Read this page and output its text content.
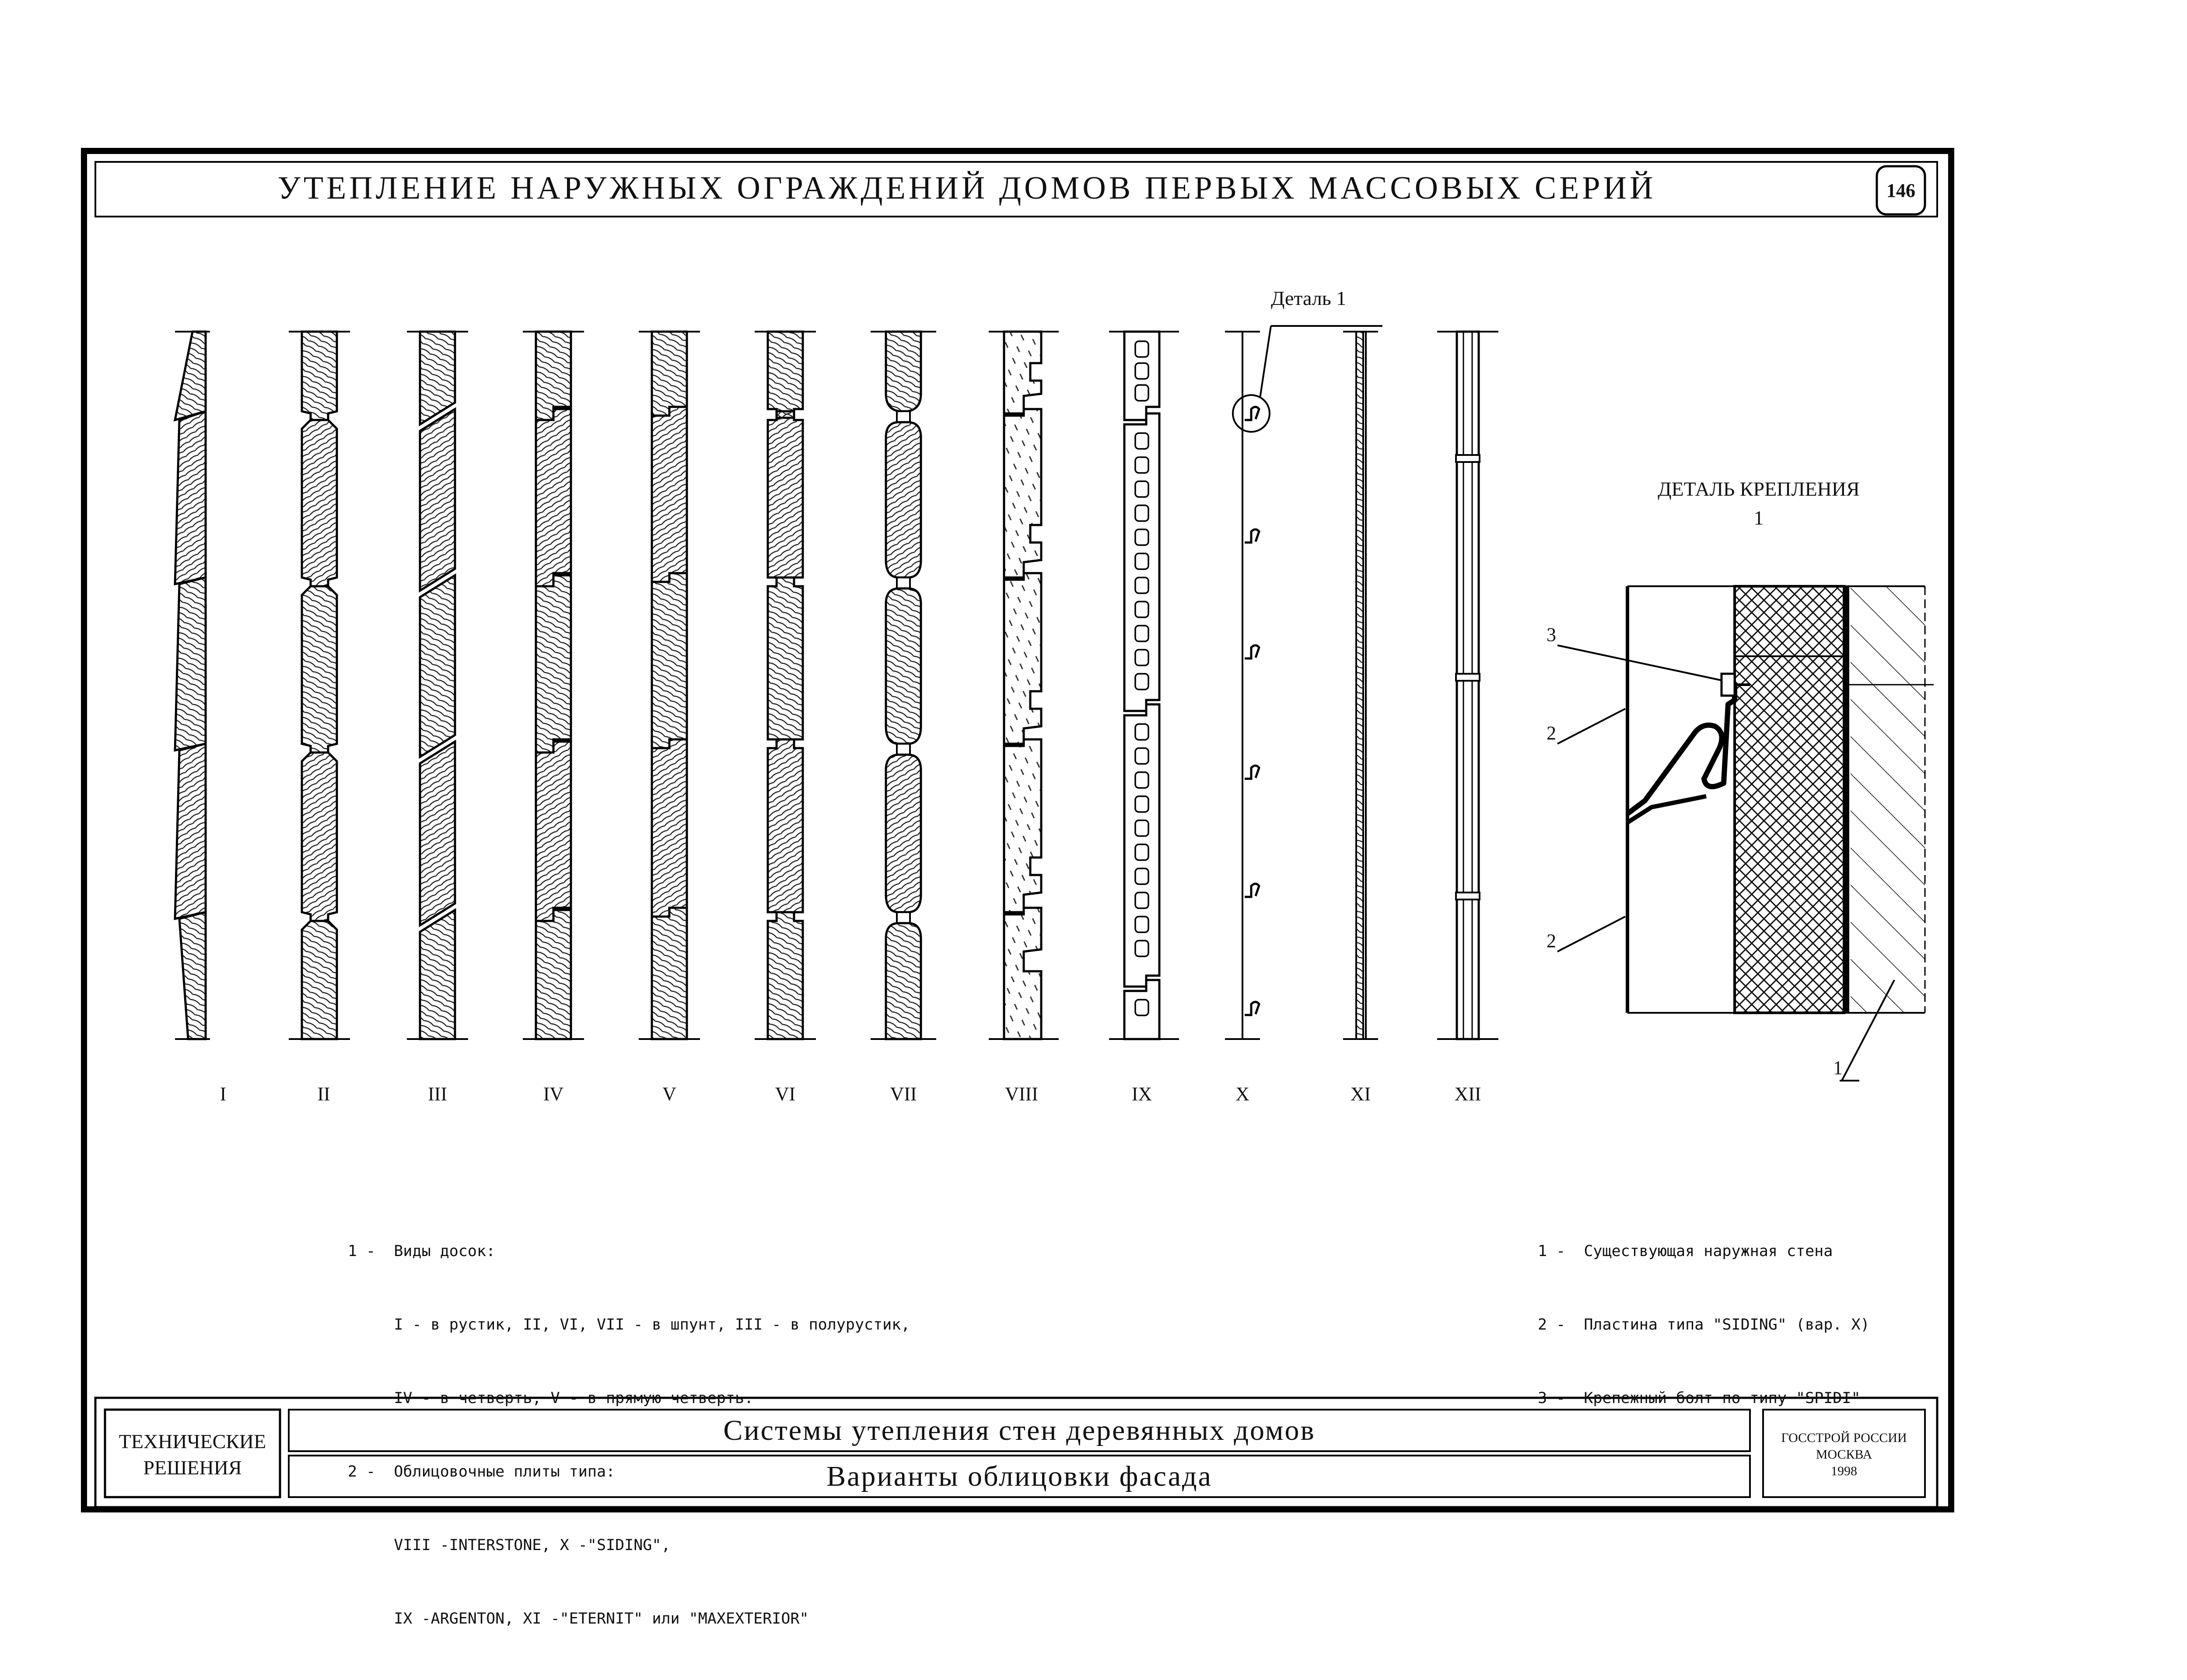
УТЕПЛЕНИЕ НАРУЖНЫХ ОГРАЖДЕНИЙ ДОМОВ ПЕРВЫХ МАССОВЫХ СЕРИЙ	146
Деталь 1
I	II	III	IV	V	VI	VII	VIII	IX	X	XI	XII
ДЕТАЛЬ КРЕПЛЕНИЯ
1
3
2
2
1

1 -  Виды досок:

I - в рустик, II, VI, VII - в шпунт, III - в полурустик,

IV - в четверть, V - в прямую четверть.

2 -  Облицовочные плиты типа:

VIII -INTERSTONE, X -"SIDING",

IX -ARGENTON, XI -"ETERNIT" или "MAXEXTERIOR"

1 -  Существующая наружная стена

2 -  Пластина типа "SIDING" (вар. X)

3 -  Крепежный болт по типу "SPIDI"

ТЕХНИЧЕСКИЕ
РЕШЕНИЯ
Системы утепления стен деревянных домов
Варианты облицовки фасада
ГОССТРОЙ РОССИИ
МОСКВА
1998
